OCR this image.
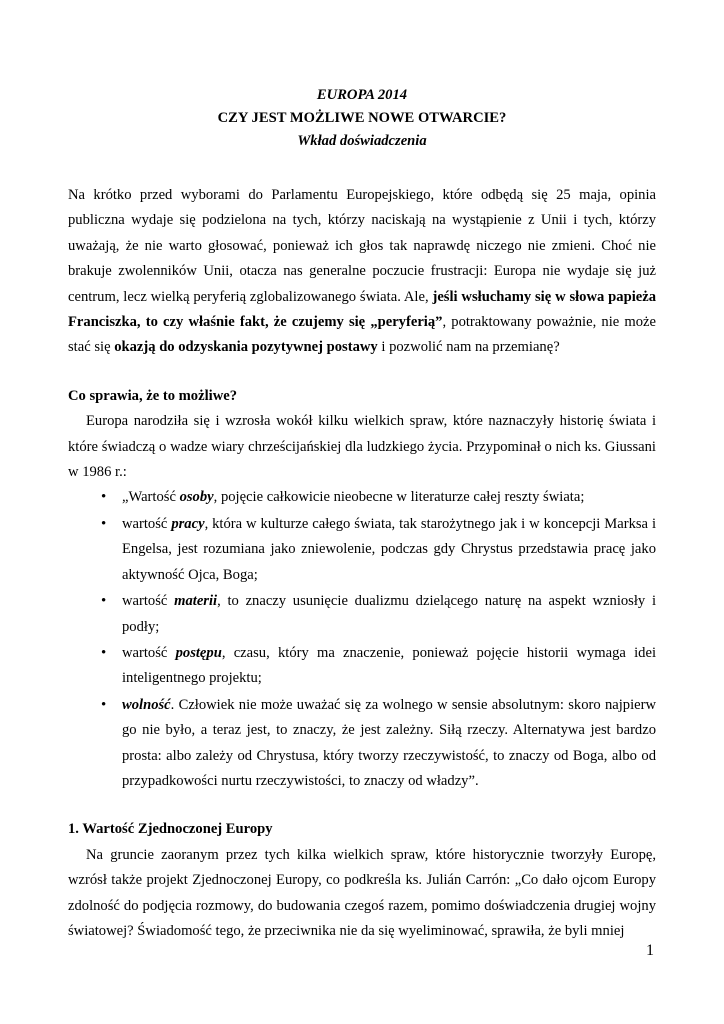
EUROPA 2014

CZY JEST MOŻLIWE NOWE OTWARCIE?

Wkład doświadczenia

Na krótko przed wyborami do Parlamentu Europejskiego, które odbędą się 25 maja, opinia publiczna wydaje się podzielona na tych, którzy naciskają na wystąpienie z Unii i tych, którzy uważają, że nie warto głosować, ponieważ ich głos tak naprawdę niczego nie zmieni. Choć nie brakuje zwolenników Unii, otacza nas generalne poczucie frustracji: Europa nie wydaje się już centrum, lecz wielką peryferią zglobalizowanego świata. Ale, jeśli wsłuchamy się w słowa papieża Franciszka, to czy właśnie fakt, że czujemy się „peryferią”, potraktowany poważnie, nie może stać się okazją do odzyskania pozytywnej postawy i pozwolić nam na przemianę?

Co sprawia, że to możliwe?

Europa narodziła się i wzrosła wokół kilku wielkich spraw, które naznaczyły historię świata i które świadczą o wadze wiary chrześcijańskiej dla ludzkiego życia. Przypominał o nich ks. Giussani w 1986 r.:

• „Wartość osoby, pojęcie całkowicie nieobecne w literaturze całej reszty świata;
• wartość pracy, która w kulturze całego świata, tak starożytnego jak i w koncepcji Marksa i Engelsa, jest rozumiana jako zniewolenie, podczas gdy Chrystus przedstawia pracę jako aktywność Ojca, Boga;
• wartość materii, to znaczy usunięcie dualizmu dzielącego naturę na aspekt wzniosły i podły;
• wartość postępu, czasu, który ma znaczenie, ponieważ pojęcie historii wymaga idei inteligentnego projektu;
• wolność. Człowiek nie może uważać się za wolnego w sensie absolutnym: skoro najpierw go nie było, a teraz jest, to znaczy, że jest zależny. Siłą rzeczy. Alternatywa jest bardzo prosta: albo zależy od Chrystusa, który tworzy rzeczywistość, to znaczy od Boga, albo od przypadkowości nurtu rzeczywistości, to znaczy od władzy”.

1. Wartość Zjednoczonej Europy

Na gruncie zaoranym przez tych kilka wielkich spraw, które historycznie tworzyły Europę, wzrósł także projekt Zjednoczonej Europy, co podkreśla ks. Julián Carrón: „Co dało ojcom Europy zdolność do podjęcia rozmowy, do budowania czegoś razem, pomimo doświadczenia drugiej wojny światowej? Świadomość tego, że przeciwnika nie da się wyeliminować, sprawiła, że byli mniej

1
